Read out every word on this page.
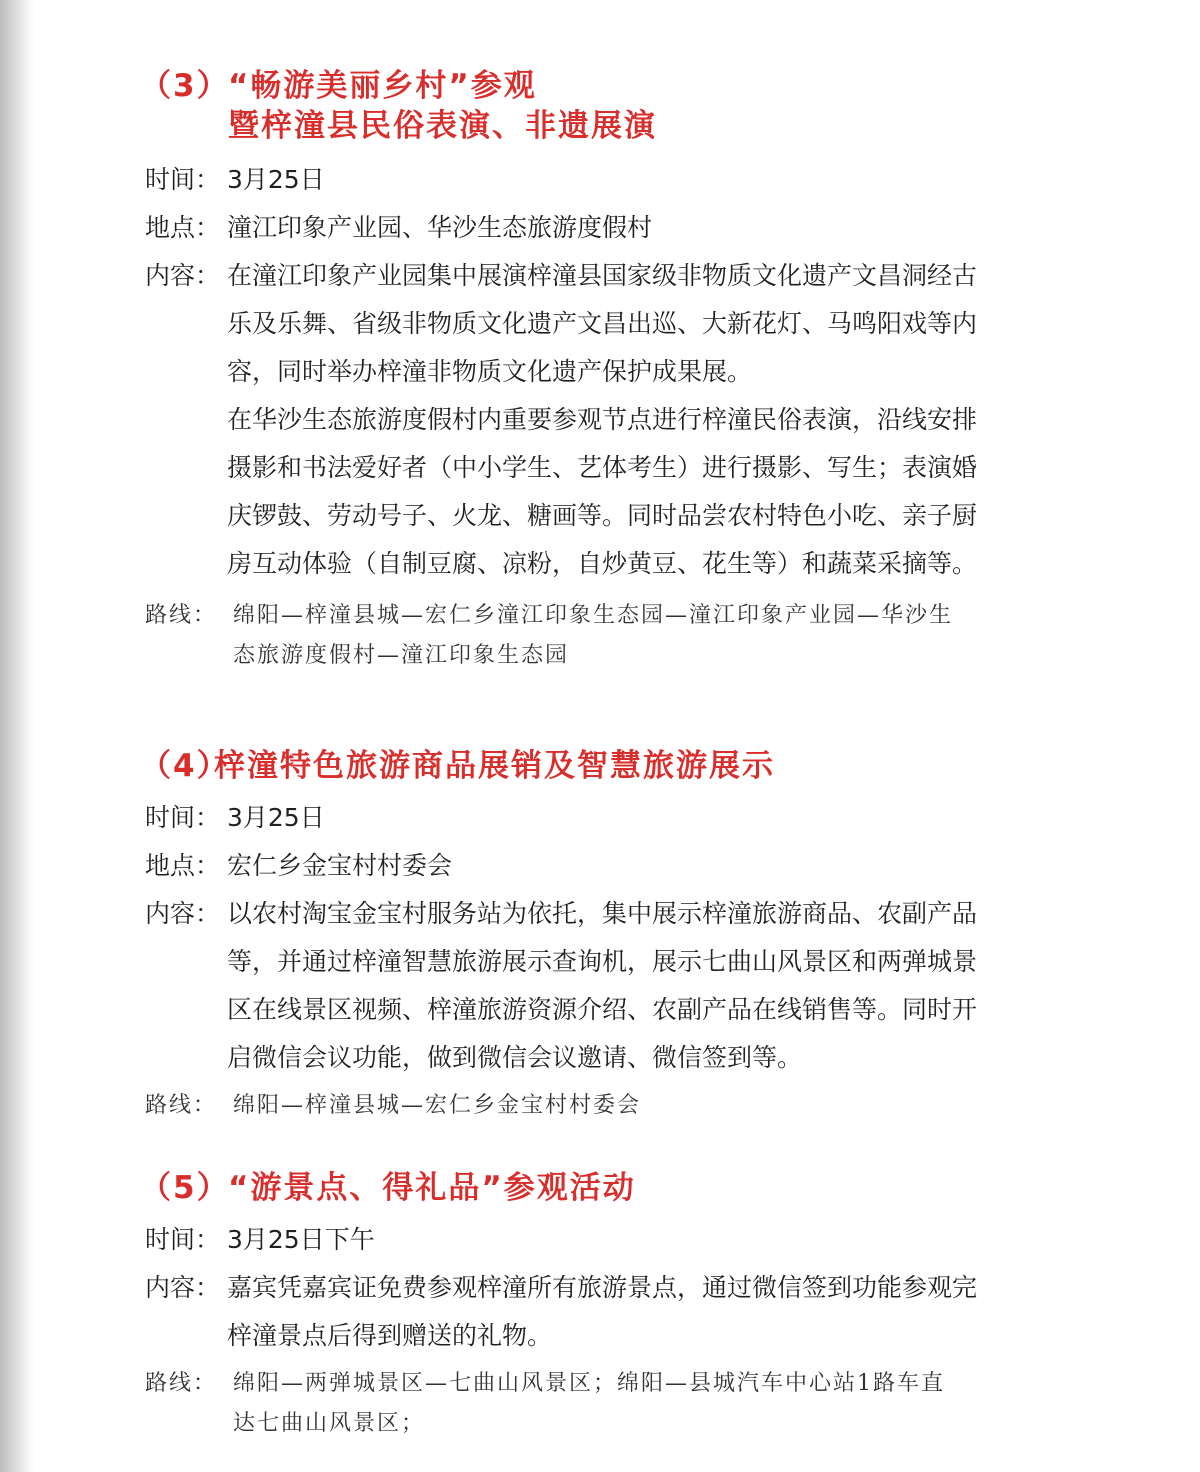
（3）“畅游美丽乡村”参观
暨梓潼县民俗表演、非遗展演
时间： 3月25日
地点： 潼江印象产业园、华沙生态旅游度假村
内容： 在潼江印象产业园集中展演梓潼县国家级非物质文化遗产文昌洞经古
乐及乐舞、省级非物质文化遗产文昌出巡、大新花灯、马鸣阳戏等内
容，同时举办梓潼非物质文化遗产保护成果展。
在华沙生态旅游度假村内重要参观节点进行梓潼民俗表演，沿线安排
摄影和书法爱好者（中小学生、艺体考生）进行摄影、写生；表演婚
庆锣鼓、劳动号子、火龙、糖画等。同时品尝农村特色小吃、亲子厨
房互动体验（自制豆腐、凉粉，自炒黄豆、花生等）和蔬菜采摘等。
路线： 绵阳—梓潼县城—宏仁乡潼江印象生态园—潼江印象产业园—华沙生
态旅游度假村—潼江印象生态园
（4）梓潼特色旅游商品展销及智慧旅游展示
时间： 3月25日
地点： 宏仁乡金宝村村委会
内容： 以农村淘宝金宝村服务站为依托，集中展示梓潼旅游商品、农副产品
等，并通过梓潼智慧旅游展示查询机，展示七曲山风景区和两弹城景
区在线景区视频、梓潼旅游资源介绍、农副产品在线销售等。同时开
启微信会议功能，做到微信会议邀请、微信签到等。
路线： 绵阳—梓潼县城—宏仁乡金宝村村委会
（5）“游景点、得礼品”参观活动
时间： 3月25日下午
内容： 嘉宾凭嘉宾证免费参观梓潼所有旅游景点，通过微信签到功能参观完
梓潼景点后得到赠送的礼物。
路线： 绵阳—两弹城景区—七曲山风景区；绵阳—县城汽车中心站1路车直
达七曲山风景区；
